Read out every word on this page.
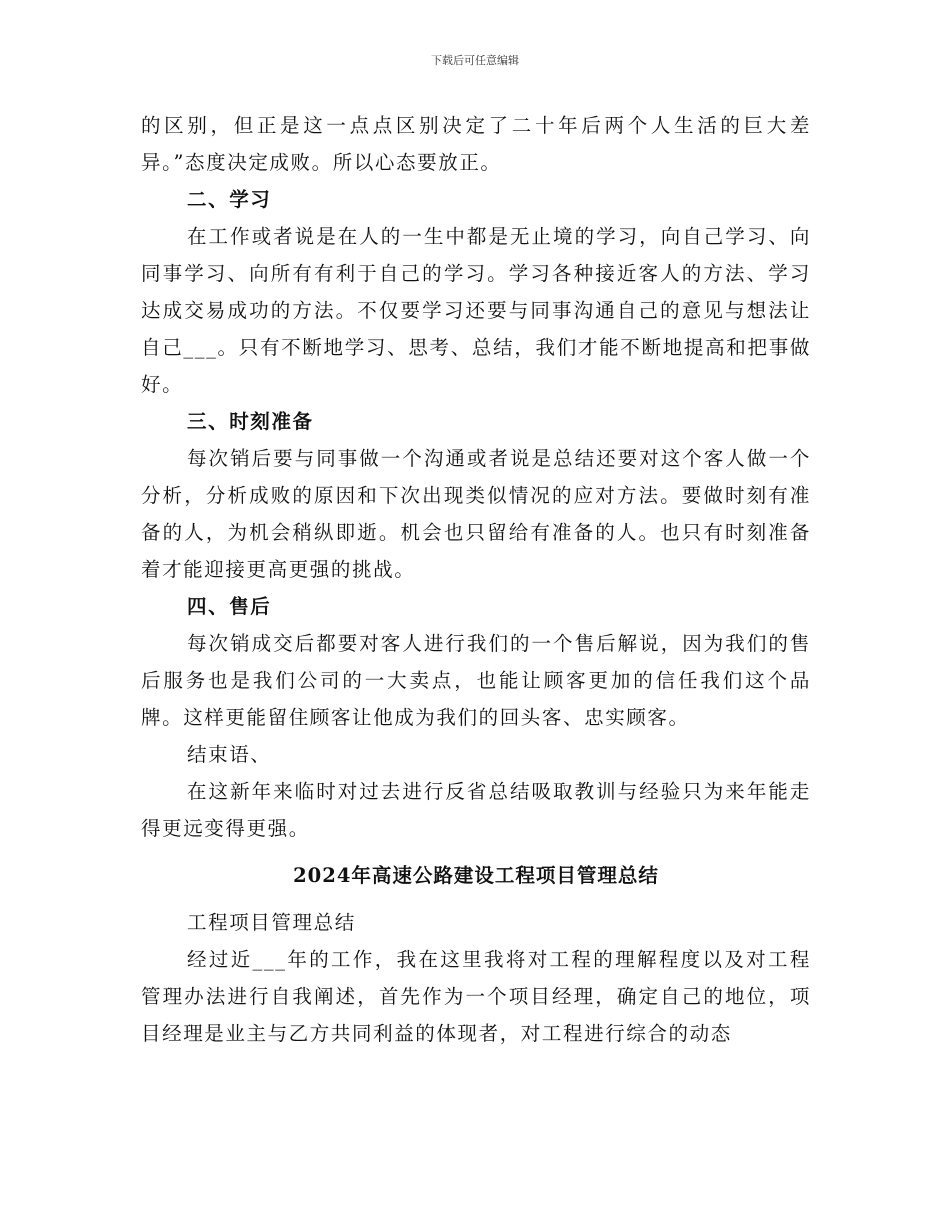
下载后可任意编辑

的区别，但正是这一点点区别决定了二十年后两个人生活的巨大差异。”态度决定成败。所以心态要放正。

二、学习

在工作或者说是在人的一生中都是无止境的学习，向自己学习、向同事学习、向所有有利于自己的学习。学习各种接近客人的方法、学习达成交易成功的方法。不仅要学习还要与同事沟通自己的意见与想法让自己___。只有不断地学习、思考、总结，我们才能不断地提高和把事做好。

三、时刻准备

每次销后要与同事做一个沟通或者说是总结还要对这个客人做一个分析，分析成败的原因和下次出现类似情况的应对方法。要做时刻有准备的人，为机会稍纵即逝。机会也只留给有准备的人。也只有时刻准备着才能迎接更高更强的挑战。

四、售后

每次销成交后都要对客人进行我们的一个售后解说，因为我们的售后服务也是我们公司的一大卖点，也能让顾客更加的信任我们这个品牌。这样更能留住顾客让他成为我们的回头客、忠实顾客。

结束语、

在这新年来临时对过去进行反省总结吸取教训与经验只为来年能走得更远变得更强。

2024年高速公路建设工程项目管理总结

工程项目管理总结

经过近___年的工作，我在这里我将对工程的理解程度以及对工程管理办法进行自我阐述，首先作为一个项目经理，确定自己的地位，项目经理是业主与乙方共同利益的体现者，对工程进行综合的动态
